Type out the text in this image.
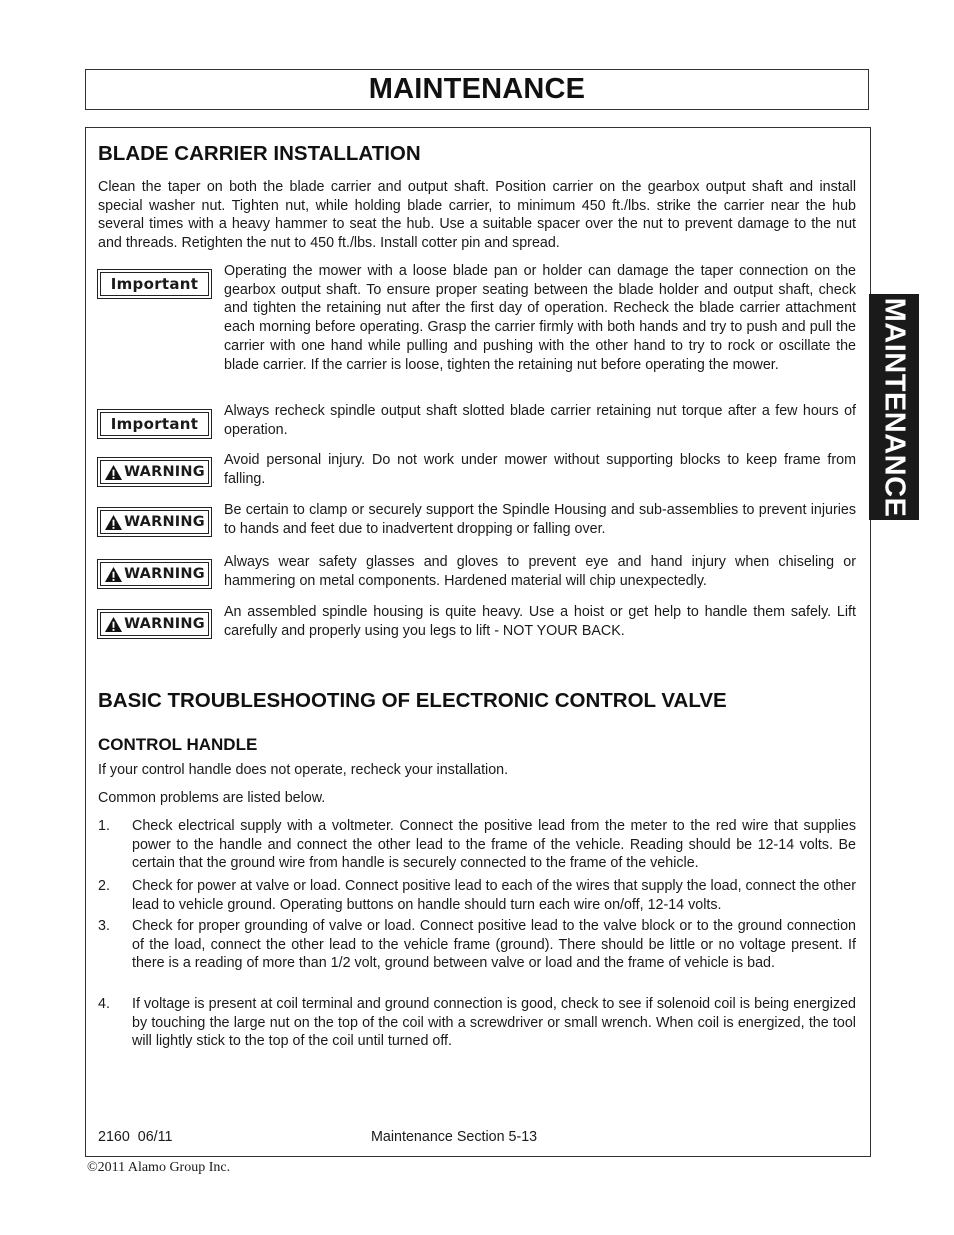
MAINTENANCE
MAINTENANCE
BLADE CARRIER INSTALLATION
Clean the taper on both the blade carrier and output shaft. Position carrier on the gearbox output shaft and install special washer nut. Tighten nut, while holding blade carrier, to minimum 450 ft./lbs. strike the carrier near the hub several times with a heavy hammer to seat the hub. Use a suitable spacer over the nut to prevent damage to the nut and threads. Retighten the nut to 450 ft./lbs. Install cotter pin and spread.
Important
Operating the mower with a loose blade pan or holder can damage the taper connection on the gearbox output shaft. To ensure proper seating between the blade holder and output shaft, check and tighten the retaining nut after the first day of operation. Recheck the blade carrier attachment each morning before operating. Grasp the carrier firmly with both hands and try to push and pull the carrier with one hand while pulling and pushing with the other hand to try to rock or oscillate the blade carrier. If the carrier is loose, tighten the retaining nut before operating the mower.
Important
Always recheck spindle output shaft slotted blade carrier retaining nut torque after a few hours of operation.
WARNING
Avoid personal injury. Do not work under mower without supporting blocks to keep frame from falling.
WARNING
Be certain to clamp or securely support the Spindle Housing and sub-assemblies to prevent injuries to hands and feet due to inadvertent dropping or falling over.
WARNING
Always wear safety glasses and gloves to prevent eye and hand injury when chiseling or hammering on metal components. Hardened material will chip unexpectedly.
WARNING
An assembled spindle housing is quite heavy. Use a hoist or get help to handle them safely. Lift carefully and properly using you legs to lift - NOT YOUR BACK.
BASIC TROUBLESHOOTING OF ELECTRONIC CONTROL VALVE
CONTROL HANDLE
If your control handle does not operate, recheck your installation.
Common problems are listed below.
1. Check electrical supply with a voltmeter. Connect the positive lead from the meter to the red wire that supplies power to the handle and connect the other lead to the frame of the vehicle. Reading should be 12-14 volts. Be certain that the ground wire from handle is securely connected to the frame of the vehicle.
2. Check for power at valve or load. Connect positive lead to each of the wires that supply the load, connect the other lead to vehicle ground. Operating buttons on handle should turn each wire on/off, 12-14 volts.
3. Check for proper grounding of valve or load. Connect positive lead to the valve block or to the ground connection of the load, connect the other lead to the vehicle frame (ground). There should be little or no voltage present. If there is a reading of more than 1/2 volt, ground between valve or load and the frame of vehicle is bad.
4. If voltage is present at coil terminal and ground connection is good, check to see if solenoid coil is being energized by touching the large nut on the top of the coil with a screwdriver or small wrench. When coil is energized, the tool will lightly stick to the top of the coil until turned off.
2160  06/11	Maintenance Section 5-13
©2011 Alamo Group Inc.
